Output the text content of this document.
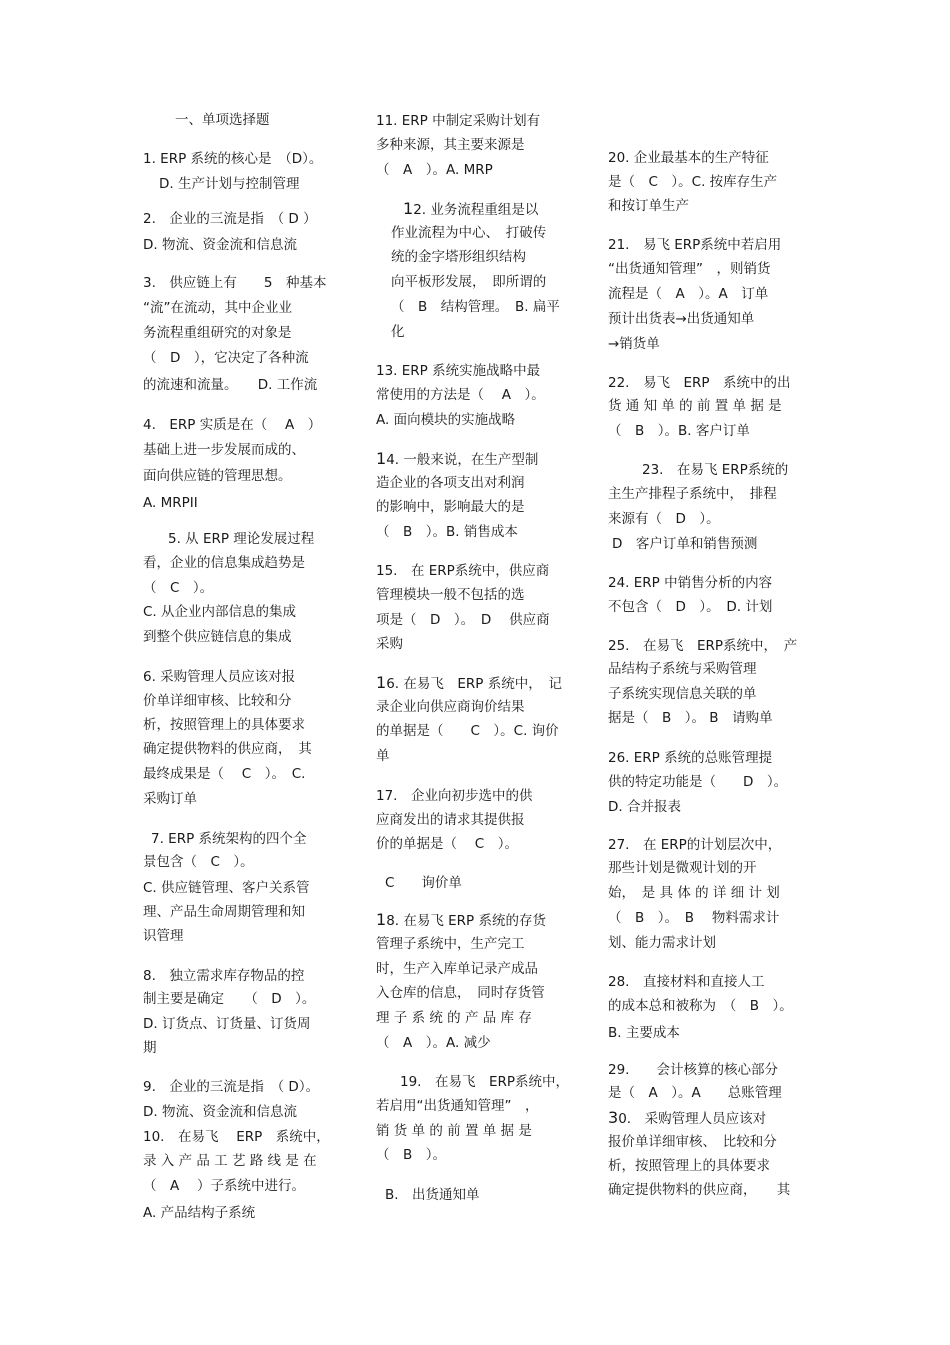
一、单项选择题
1. ERP 系统的核心是　（D）。
D. 生产计划与控制管理
2.　企业的三流是指　（ D ）
D. 物流、资金流和信息流
3.　供应链上有　　5　种基本
“流”在流动，其中企业业
务流程重组研究的对象是
（　D　），它决定了各种流
的流速和流量。　　D. 工作流
4.　ERP 实质是在（　 A　）
基础上进一步发展而成的、
面向供应链的管理思想。
A. MRPII
5. 从 ERP 理论发展过程
看，企业的信息集成趋势是
（　C　）。
C. 从企业内部信息的集成
到整个供应链信息的集成
6. 采购管理人员应该对报
价单详细审核、比较和分
析，按照管理上的具体要求
确定提供物料的供应商，　其
最终成果是（　 C　）。　C.
采购订单
7. ERP 系统架构的四个全
景包含（　C　）。
C. 供应链管理、客户关系管
理、产品生命周期管理和知
识管理
8.　独立需求库存物品的控
制主要是确定　　（　D　）。
D. 订货点、订货量、订货周
期
9.　企业的三流是指　（ D）。
D. 物流、资金流和信息流
10.　在易飞　 ERP　系统中，
录 入 产 品 工 艺 路 线 是 在
（　A　 ）子系统中进行。
A. 产品结构子系统
11. ERP 中制定采购计划有
多种来源，其主要来源是
（　A　）。A. MRP
12. 业务流程重组是以
作业流程为中心、　打破传
统的金字塔形组织结构
向平板形发展，　即所谓的
（　B　结构管理。　B. 扁平
化
13. ERP 系统实施战略中最
常使用的方法是（　 A　）。
A. 面向模块的实施战略
14. 一般来说，在生产型制
造企业的各项支出对利润
的影响中，影响最大的是
（　B　）。B. 销售成本
15.　在 ERP系统中，供应商
管理模块一般不包括的选
项是（　D　）。　D　 供应商
采购
16. 在易飞　ERP 系统中，　记
录企业向供应商询价结果
的单据是（　　C　）。C. 询价
单
17.　企业向初步选中的供
应商发出的请求其提供报
价的单据是（　 C　）。
C　　询价单
18. 在易飞 ERP 系统的存货
管理子系统中，生产完工
时，生产入库单记录产成品
入仓库的信息，　同时存货管
理 子 系 统 的 产 品 库 存
（　A　）。A. 减少
19.　在易飞　ERP系统中，
若启用“出货通知管理”　，
销 货 单 的 前 置 单 据 是
（　B　）。
B.　出货通知单
20. 企业最基本的生产特征
是（　C　）。C. 按库存生产
和按订单生产
21.　易飞 ERP系统中若启用
“出货通知管理”　，则销货
流程是（　A　）。A　订单
预计出货表→出货通知单
→销货单
22.　易飞　ERP　系统中的出
货 通 知 单 的 前 置 单 据 是
（　B　）。B. 客户订单
23.　在易飞 ERP系统的
主生产排程子系统中，　排程
来源有（　D　）。
D　客户订单和销售预测
24. ERP 中销售分析的内容
不包含（　D　）。　D. 计划
25.　在易飞　ERP系统中，　产
品结构子系统与采购管理
子系统实现信息关联的单
据是（　B　）。 B　请购单
26. ERP 系统的总账管理提
供的特定功能是（　　D　）。
D. 合并报表
27.　在 ERP的计划层次中，
那些计划是微观计划的开
始，　是 具 体 的 详 细 计 划
（　B　）。　B　 物料需求计
划、能力需求计划
28.　直接材料和直接人工
的成本总和被称为　（　B　）。
B. 主要成本
29.　　会计核算的核心部分
是（　A　）。A　　总账管理
30.　采购管理人员应该对
报价单详细审核、　比较和分
析，按照管理上的具体要求
确定提供物料的供应商，　　其
